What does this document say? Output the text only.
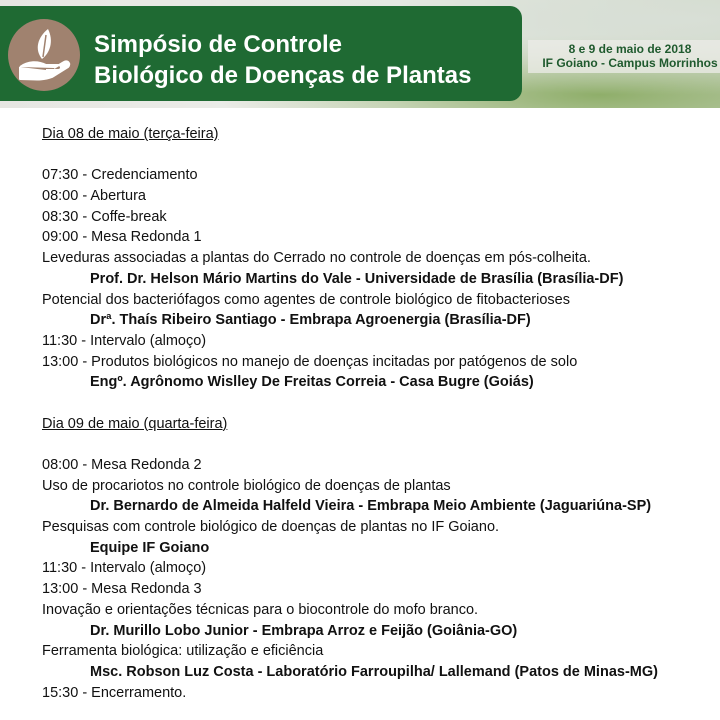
Simpósio de Controle
Biológico de Doenças de Plantas
8 e 9 de maio de 2018
IF Goiano - Campus Morrinhos
Dia 08 de maio (terça-feira)
07:30 - Credenciamento
08:00 - Abertura
08:30 - Coffe-break
09:00 - Mesa Redonda 1
Leveduras associadas a plantas do Cerrado no controle de doenças em pós-colheita.
Prof. Dr. Helson Mário Martins do Vale - Universidade de Brasília (Brasília-DF)
Potencial dos bacteriófagos como agentes de controle biológico de fitobacterioses
Drª. Thaís Ribeiro Santiago - Embrapa Agroenergia (Brasília-DF)
11:30 - Intervalo (almoço)
13:00 - Produtos biológicos no manejo de doenças incitadas por patógenos de solo
Engº. Agrônomo Wislley De Freitas Correia - Casa Bugre (Goiás)
Dia 09 de maio (quarta-feira)
08:00 - Mesa Redonda 2
Uso de procariotos no controle biológico de doenças de plantas
Dr. Bernardo de Almeida Halfeld Vieira - Embrapa Meio Ambiente (Jaguariúna-SP)
Pesquisas com controle biológico de doenças de plantas no IF Goiano.
Equipe IF Goiano
11:30 - Intervalo (almoço)
13:00 - Mesa Redonda 3
Inovação e orientações técnicas para o biocontrole do mofo branco.
Dr. Murillo Lobo Junior - Embrapa Arroz e Feijão (Goiânia-GO)
Ferramenta biológica: utilização e eficiência
Msc. Robson Luz Costa - Laboratório Farroupilha/ Lallemand (Patos de Minas-MG)
15:30 - Encerramento.
